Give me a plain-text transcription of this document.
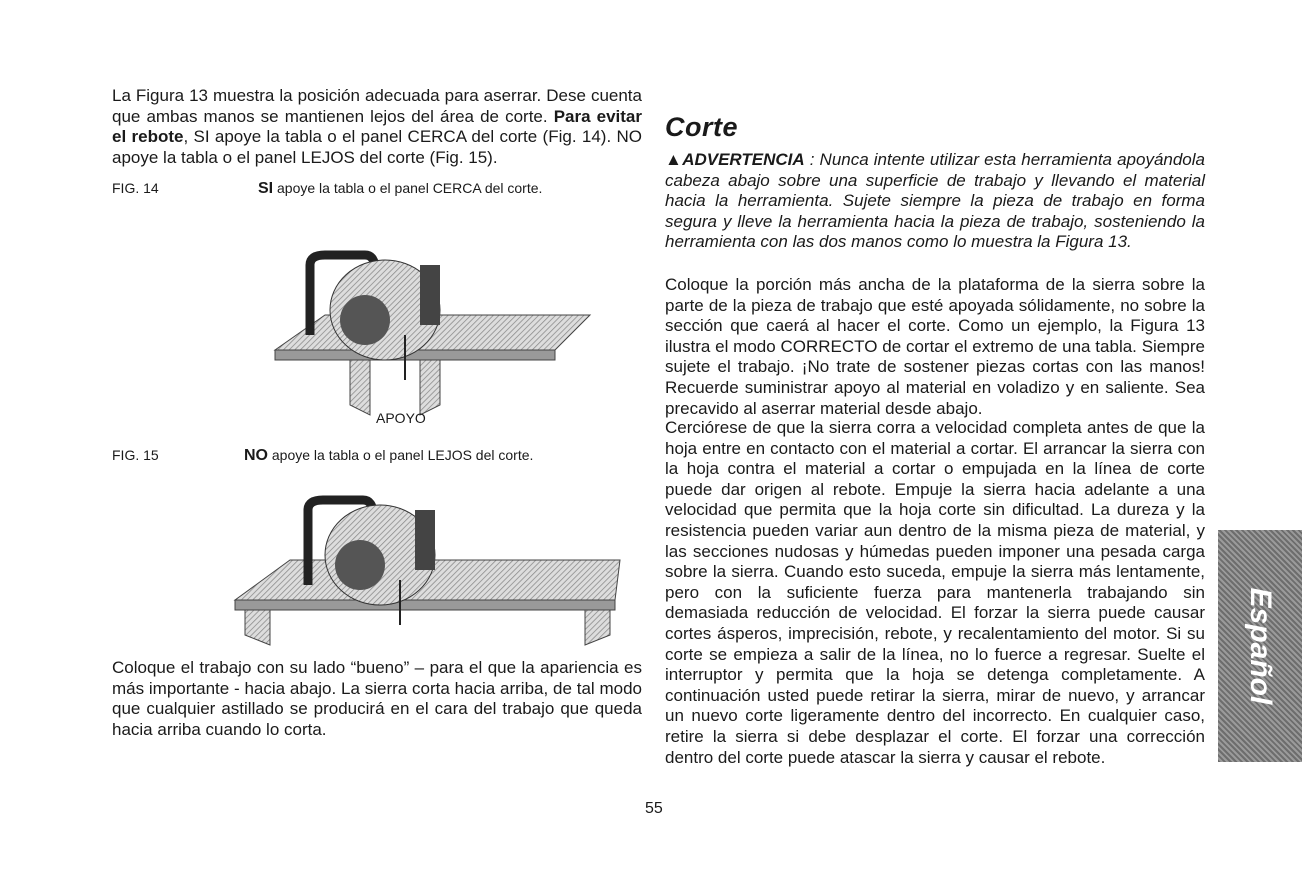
La Figura 13 muestra la posición adecuada para aserrar. Dese cuenta que ambas manos se mantienen lejos del área de corte. Para evitar el rebote, SI apoye la tabla o el panel CERCA del corte (Fig. 14). NO apoye la tabla o el panel LEJOS del corte (Fig. 15).
FIG. 14	SI apoye la tabla o el panel CERCA del corte.
APOYO
FIG. 15	NO apoye la tabla o el panel LEJOS del corte.
Coloque el trabajo con su lado “bueno” – para el que la apariencia es más importante - hacia abajo. La sierra corta hacia arriba, de tal modo que cualquier astillado se producirá en el cara del trabajo que queda hacia arriba cuando lo corta.
Corte
▲ADVERTENCIA : Nunca intente utilizar esta herramienta apoyándola cabeza abajo sobre una superficie de trabajo y llevando el material hacia la herramienta. Sujete siempre la pieza de trabajo en forma segura y lleve la herramienta hacia la pieza de trabajo, sosteniendo la herramienta con las dos manos como lo muestra la Figura 13.
Coloque la porción más ancha de la plataforma de la sierra sobre la parte de la pieza de trabajo que esté apoyada sólidamente, no sobre la sección que caerá al hacer el corte. Como un ejemplo, la Figura 13 ilustra el modo CORRECTO de cortar el extremo de una tabla. Siempre sujete el trabajo. ¡No trate de sostener piezas cortas con las manos! Recuerde suministrar apoyo al material en voladizo y en saliente. Sea precavido al aserrar material desde abajo.
Cerciórese de que la sierra corra a velocidad completa antes de que la hoja entre en contacto con el material a cortar. El arrancar la sierra con la hoja contra el material a cortar o empujada en la línea de corte puede dar origen al rebote. Empuje la sierra hacia adelante a una velocidad que permita que la hoja corte sin dificultad. La dureza y la resistencia pueden variar aun dentro de la misma pieza de material, y las secciones nudosas y húmedas pueden imponer una pesada carga sobre la sierra. Cuando esto suceda, empuje la sierra más lentamente, pero con la suficiente fuerza para mantenerla trabajando sin demasiada reducción de velocidad. El forzar la sierra puede causar cortes ásperos, imprecisión, rebote, y recalentamiento del motor. Si su corte se empieza a salir de la línea, no lo fuerce a regresar. Suelte el interruptor y permita que la hoja se detenga completamente. A continuación usted puede retirar la sierra, mirar de nuevo, y arrancar un nuevo corte ligeramente dentro del incorrecto. En cualquier caso, retire la sierra si debe desplazar el corte. El forzar una corrección dentro del corte puede atascar la sierra y causar el rebote.
Español
55
